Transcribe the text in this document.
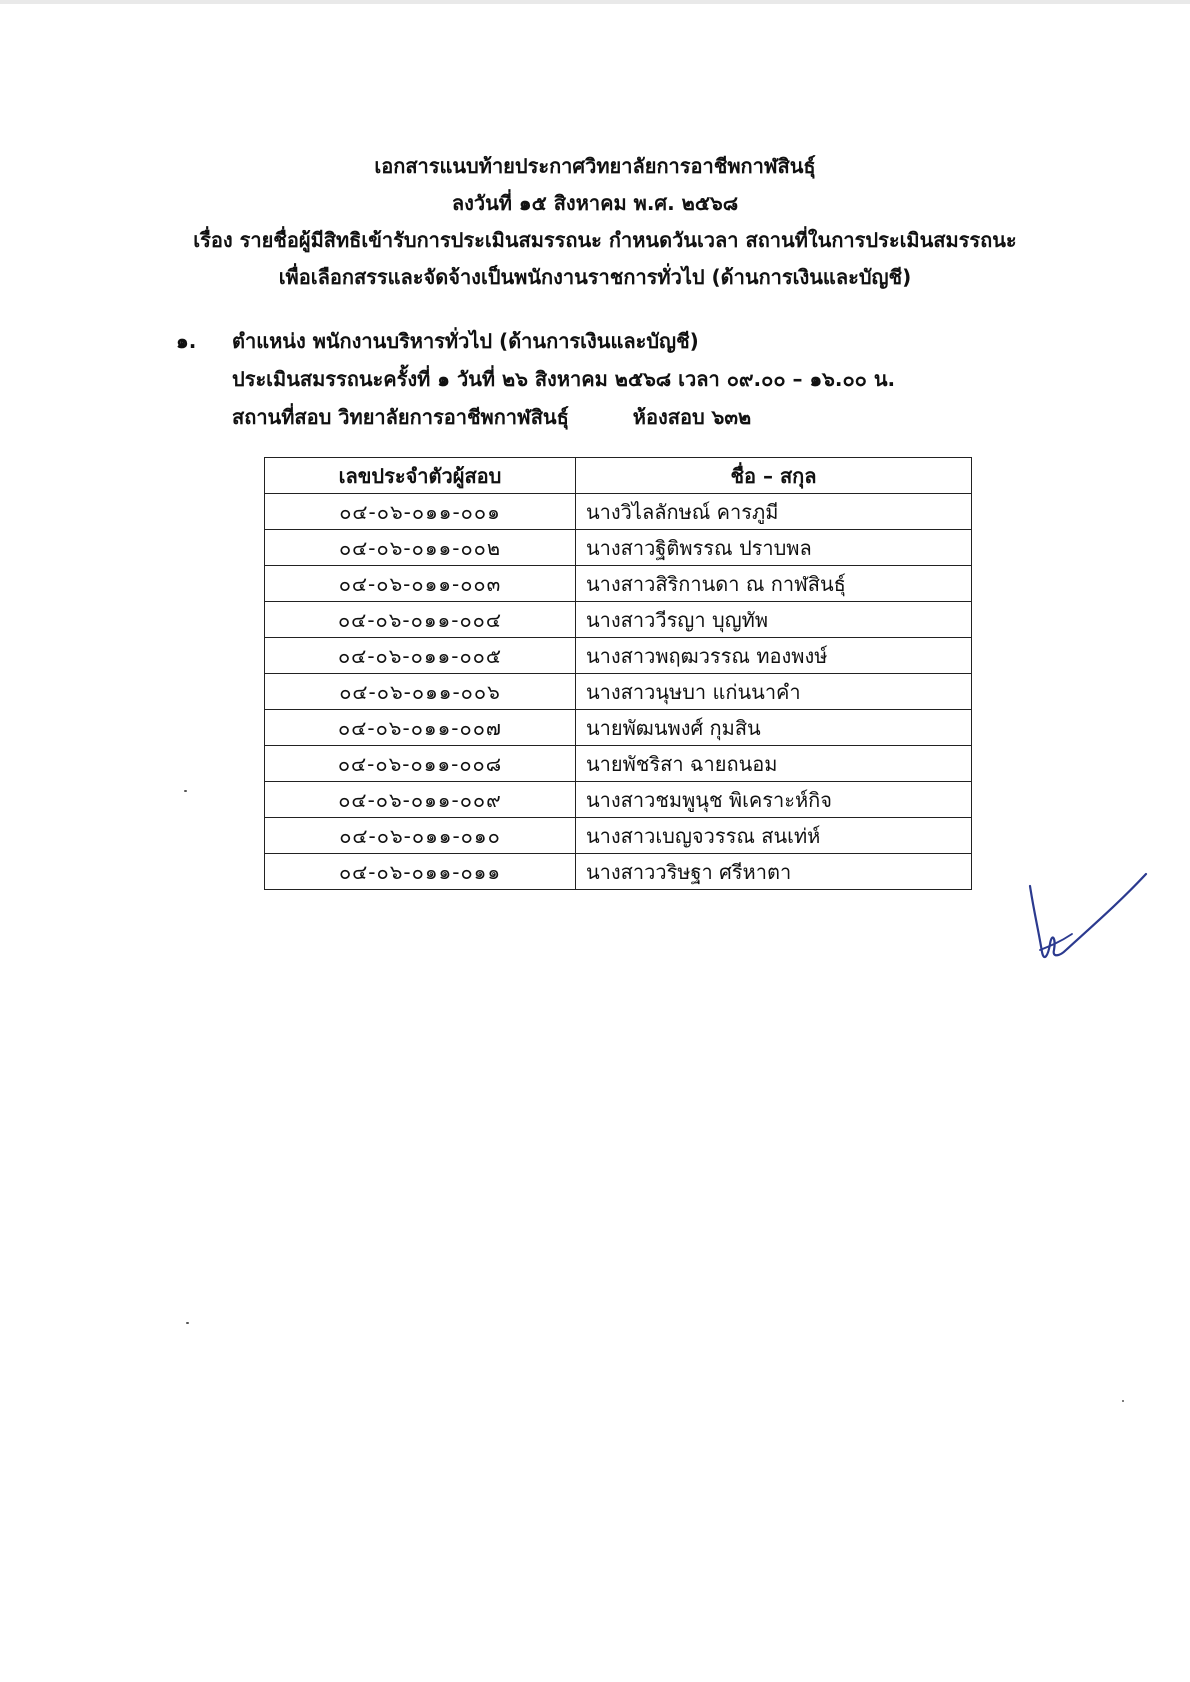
เอกสารแนบท้ายประกาศวิทยาลัยการอาชีพกาฬสินธุ์
ลงวันที่ ๑๕ สิงหาคม พ.ศ. ๒๕๖๘
เรื่อง รายชื่อผู้มีสิทธิเข้ารับการประเมินสมรรถนะ กำหนดวันเวลา สถานที่ในการประเมินสมรรถนะ
เพื่อเลือกสรรและจัดจ้างเป็นพนักงานราชการทั่วไป (ด้านการเงินและบัญชี)
๑. ตำแหน่ง พนักงานบริหารทั่วไป (ด้านการเงินและบัญชี)
ประเมินสมรรถนะครั้งที่ ๑ วันที่ ๒๖ สิงหาคม ๒๕๖๘ เวลา ๐๙.๐๐ – ๑๖.๐๐ น.
สถานที่สอบ วิทยาลัยการอาชีพกาฬสินธุ์	ห้องสอบ ๖๓๒
เลขประจำตัวผู้สอบ	ชื่อ – สกุล
๐๔-๐๖-๐๑๑-๐๐๑	นางวิไลลักษณ์ คารภูมี
๐๔-๐๖-๐๑๑-๐๐๒	นางสาวฐิติพรรณ ปราบพล
๐๔-๐๖-๐๑๑-๐๐๓	นางสาวสิริกานดา ณ กาฬสินธุ์
๐๔-๐๖-๐๑๑-๐๐๔	นางสาววีรญา บุญทัพ
๐๔-๐๖-๐๑๑-๐๐๕	นางสาวพฤฒวรรณ ทองพงษ์
๐๔-๐๖-๐๑๑-๐๐๖	นางสาวนุษบา แก่นนาคำ
๐๔-๐๖-๐๑๑-๐๐๗	นายพัฒนพงศ์ กุมสิน
๐๔-๐๖-๐๑๑-๐๐๘	นายพัชริสา ฉายถนอม
๐๔-๐๖-๐๑๑-๐๐๙	นางสาวชมพูนุช พิเคราะห์กิจ
๐๔-๐๖-๐๑๑-๐๑๐	นางสาวเบญจวรรณ สนเท่ห์
๐๔-๐๖-๐๑๑-๐๑๑	นางสาววริษฐา ศรีหาตา
